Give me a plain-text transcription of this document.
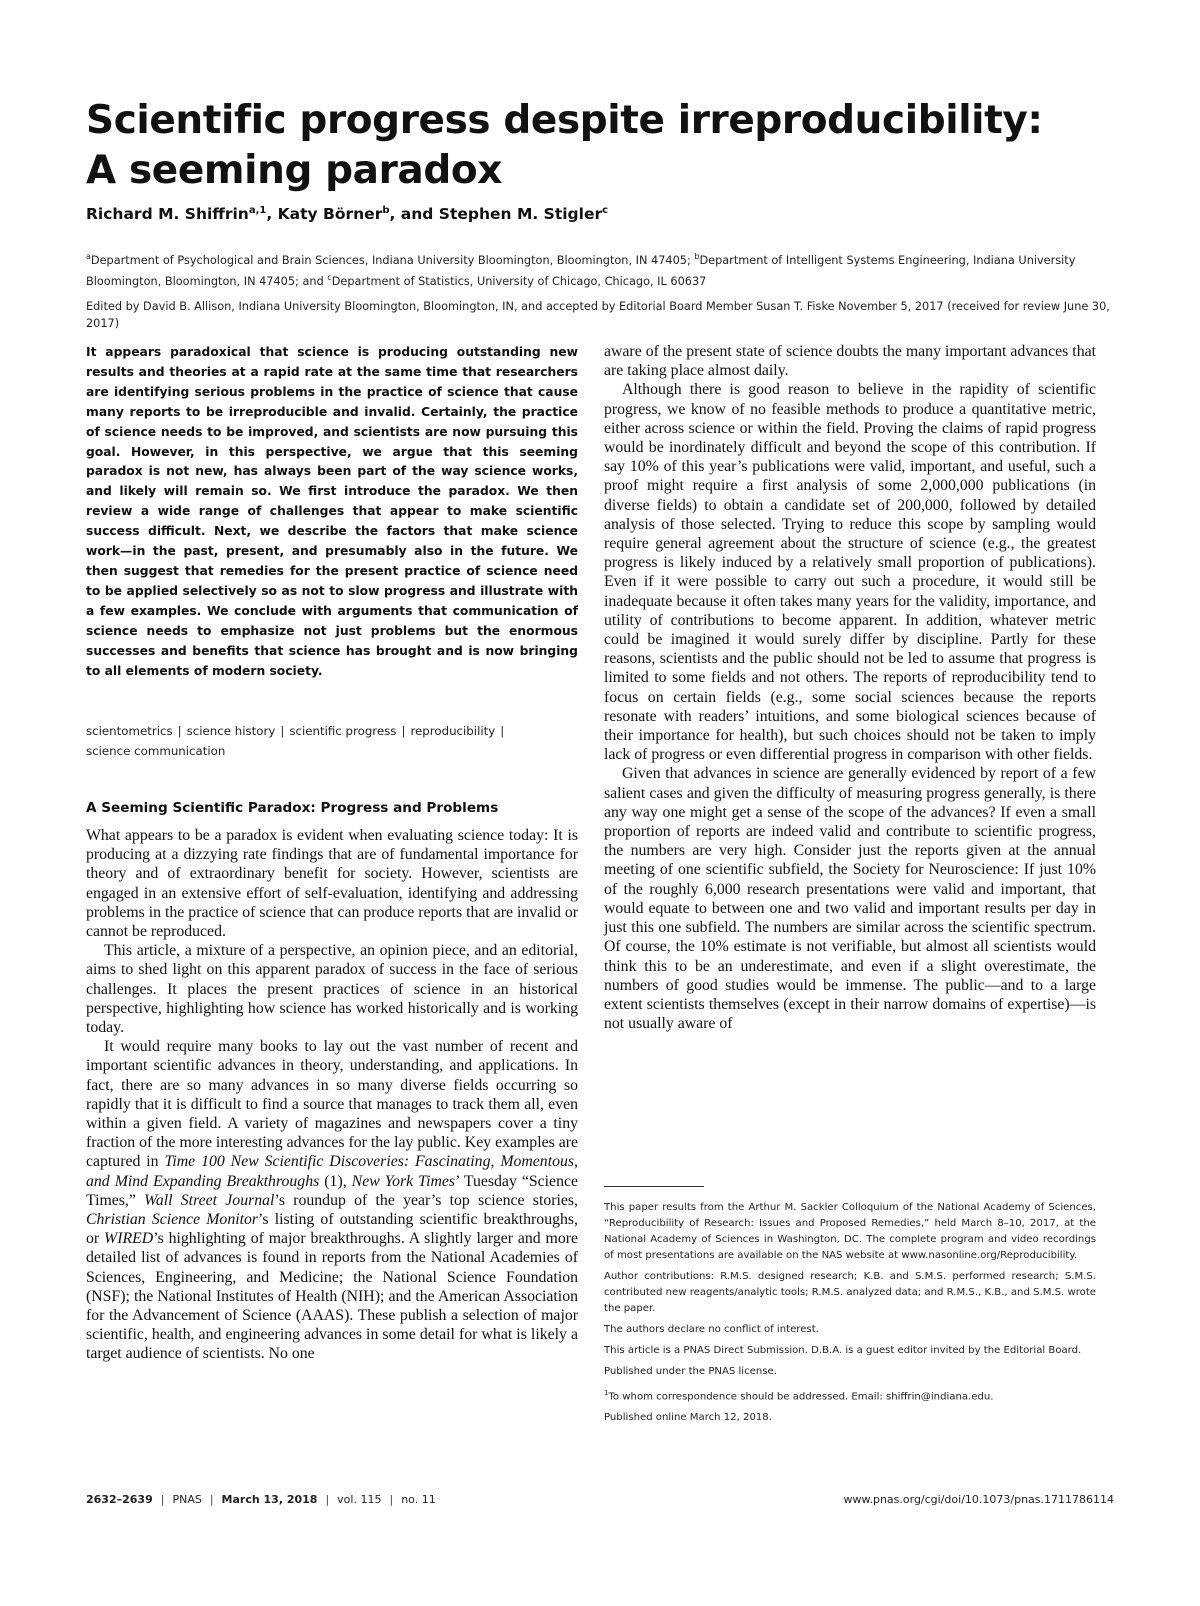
Scientific progress despite irreproducibility: A seeming paradox
Richard M. Shiffrin$^{a,1}$, Katy Börner$^b$, and Stephen M. Stigler$^c$
$^a$Department of Psychological and Brain Sciences, Indiana University Bloomington, Bloomington, IN 47405; $^b$Department of Intelligent Systems Engineering, Indiana University Bloomington, Bloomington, IN 47405; and $^c$Department of Statistics, University of Chicago, Chicago, IL 60637
Edited by David B. Allison, Indiana University Bloomington, Bloomington, IN, and accepted by Editorial Board Member Susan T. Fiske November 5, 2017 (received for review June 30, 2017)

It appears paradoxical that science is producing outstanding new results and theories at a rapid rate at the same time that researchers are identifying serious problems in the practice of science that cause many reports to be irreproducible and invalid. Certainly, the practice of science needs to be improved, and scientists are now pursuing this goal. However, in this perspective, we argue that this seeming paradox is not new, has always been part of the way science works, and likely will remain so. We first introduce the paradox. We then review a wide range of challenges that appear to make scientific success difficult. Next, we describe the factors that make science work—in the past, present, and presumably also in the future. We then suggest that remedies for the present practice of science need to be applied selectively so as not to slow progress and illustrate with a few examples. We conclude with arguments that communication of science needs to emphasize not just problems but the enormous successes and benefits that science has brought and is now bringing to all elements of modern society.

scientometrics | science history | scientific progress | reproducibility |
science communication
A Seeming Scientific Paradox: Progress and Problems

What appears to be a paradox is evident when evaluating science today: It is producing at a dizzying rate findings that are of fundamental importance for theory and of extraordinary benefit for society. However, scientists are engaged in an extensive effort of self-evaluation, identifying and addressing problems in the practice of science that can produce reports that are invalid or cannot be reproduced.

This article, a mixture of a perspective, an opinion piece, and an editorial, aims to shed light on this apparent paradox of success in the face of serious challenges. It places the present practices of science in an historical perspective, highlighting how science has worked historically and is working today.

It would require many books to lay out the vast number of recent and important scientific advances in theory, understanding, and applications. In fact, there are so many advances in so many diverse fields occurring so rapidly that it is difficult to find a source that manages to track them all, even within a given field. A variety of magazines and newspapers cover a tiny fraction of the more interesting advances for the lay public. Key examples are captured in Time 100 New Scientific Discoveries: Fascinating, Momentous, and Mind Expanding Breakthroughs (1), New York Times’ Tuesday “Science Times,” Wall Street Journal’s roundup of the year’s top science stories, Christian Science Monitor’s listing of outstanding scientific breakthroughs, or WIRED’s highlighting of major breakthroughs. A slightly larger and more detailed list of advances is found in reports from the National Academies of Sciences, Engineering, and Medicine; the National Science Foundation (NSF); the National Institutes of Health (NIH); and the American Association for the Advancement of Science (AAAS). These publish a selection of major scientific, health, and engineering advances in some detail for what is likely a target audience of scientists. No one

aware of the present state of science doubts the many important advances that are taking place almost daily.

Although there is good reason to believe in the rapidity of scientific progress, we know of no feasible methods to produce a quantitative metric, either across science or within the field. Proving the claims of rapid progress would be inordinately difficult and beyond the scope of this contribution. If say 10% of this year’s publications were valid, important, and useful, such a proof might require a first analysis of some 2,000,000 publications (in diverse fields) to obtain a candidate set of 200,000, followed by detailed analysis of those selected. Trying to reduce this scope by sampling would require general agreement about the structure of science (e.g., the greatest progress is likely induced by a relatively small proportion of publications). Even if it were possible to carry out such a procedure, it would still be inadequate because it often takes many years for the validity, importance, and utility of contributions to become apparent. In addition, whatever metric could be imagined it would surely differ by discipline. Partly for these reasons, scientists and the public should not be led to assume that progress is limited to some fields and not others. The reports of reproducibility tend to focus on certain fields (e.g., some social sciences because the reports resonate with readers’ intuitions, and some biological sciences because of their importance for health), but such choices should not be taken to imply lack of progress or even differential progress in comparison with other fields.

Given that advances in science are generally evidenced by report of a few salient cases and given the difficulty of measuring progress generally, is there any way one might get a sense of the scope of the advances? If even a small proportion of reports are indeed valid and contribute to scientific progress, the numbers are very high. Consider just the reports given at the annual meeting of one scientific subfield, the Society for Neuroscience: If just 10% of the roughly 6,000 research presentations were valid and important, that would equate to between one and two valid and important results per day in just this one subfield. The numbers are similar across the scientific spectrum. Of course, the 10% estimate is not verifiable, but almost all scientists would think this to be an underestimate, and even if a slight overestimate, the numbers of good studies would be immense. The public—and to a large extent scientists themselves (except in their narrow domains of expertise)—is not usually aware of

This paper results from the Arthur M. Sackler Colloquium of the National Academy of Sciences, “Reproducibility of Research: Issues and Proposed Remedies,” held March 8–10, 2017, at the National Academy of Sciences in Washington, DC. The complete program and video recordings of most presentations are available on the NAS website at www.nasonline.org/Reproducibility.

Author contributions: R.M.S. designed research; K.B. and S.M.S. performed research; S.M.S. contributed new reagents/analytic tools; R.M.S. analyzed data; and R.M.S., K.B., and S.M.S. wrote the paper.

The authors declare no conflict of interest.

This article is a PNAS Direct Submission. D.B.A. is a guest editor invited by the Editorial Board.

Published under the PNAS license.

$^1$To whom correspondence should be addressed. Email: shiffrin@indiana.edu.

Published online March 12, 2018.

2632–2639 | PNAS | March 13, 2018 | vol. 115 | no. 11	www.pnas.org/cgi/doi/10.1073/pnas.1711786114
